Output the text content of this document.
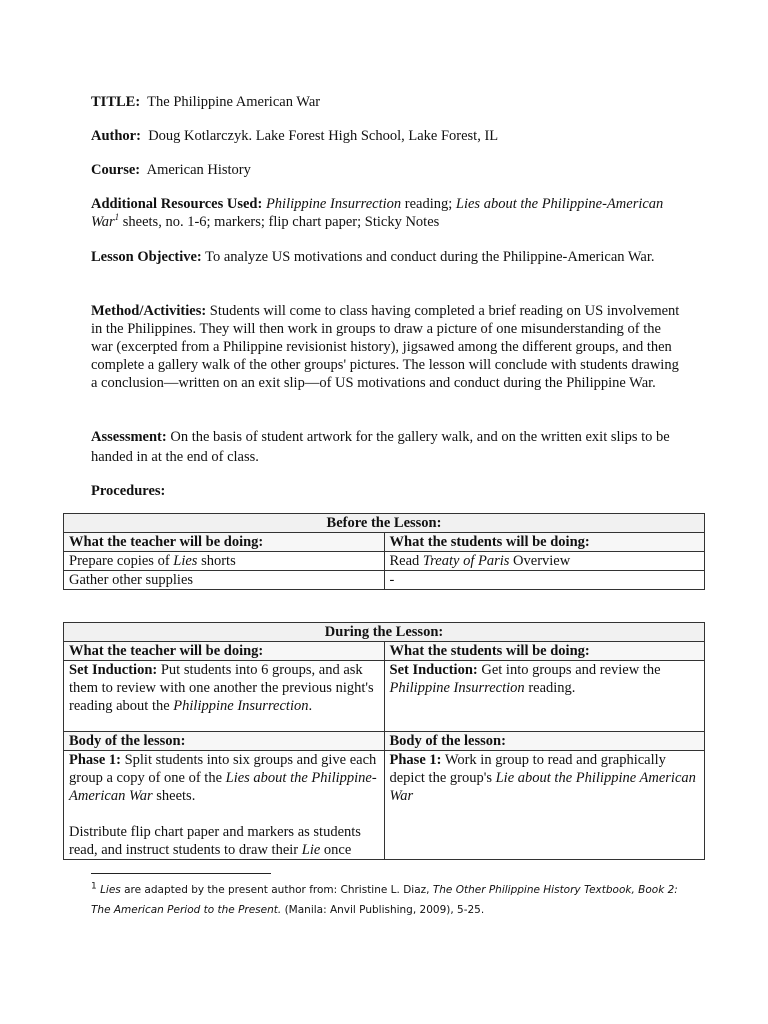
TITLE: The Philippine American War

Author: Doug Kotlarczyk. Lake Forest High School, Lake Forest, IL

Course: American History

Additional Resources Used: Philippine Insurrection reading; Lies about the Philippine-American War$^1$ sheets, no. 1-6; markers; flip chart paper; Sticky Notes

Lesson Objective: To analyze US motivations and conduct during the Philippine-American War.

Method/Activities: Students will come to class having completed a brief reading on US involvement in the Philippines. They will then work in groups to draw a picture of one misunderstanding of the war (excerpted from a Philippine revisionist history), jigsawed among the different groups, and then complete a gallery walk of the other groups' pictures. The lesson will conclude with students drawing a conclusion—written on an exit slip—of US motivations and conduct during the Philippine War.

Assessment: On the basis of student artwork for the gallery walk, and on the written exit slips to be handed in at the end of class.

Procedures:

Before the Lesson:	
What the teacher will be doing:	What the students will be doing:
Prepare copies of Lies shorts	Read Treaty of Paris Overview
Gather other supplies	-
During the Lesson:	
What the teacher will be doing:	What the students will be doing:
Set Induction: Put students into 6 groups, and ask them to review with one another the previous night's reading about the Philippine Insurrection.	Set Induction: Get into groups and review the Philippine Insurrection reading.
Body of the lesson:	Body of the lesson:
Phase 1: Split students into six groups and give each group a copy of one of the Lies about the Philippine-American War sheets.
Distribute flip chart paper and markers as students read, and instruct students to draw their Lie once	Phase 1: Work in group to read and graphically depict the group's Lie about the Philippine American War
$^1$ Lies are adapted by the present author from: Christine L. Diaz, The Other Philippine History Textbook, Book 2: The American Period to the Present. (Manila: Anvil Publishing, 2009), 5-25.
